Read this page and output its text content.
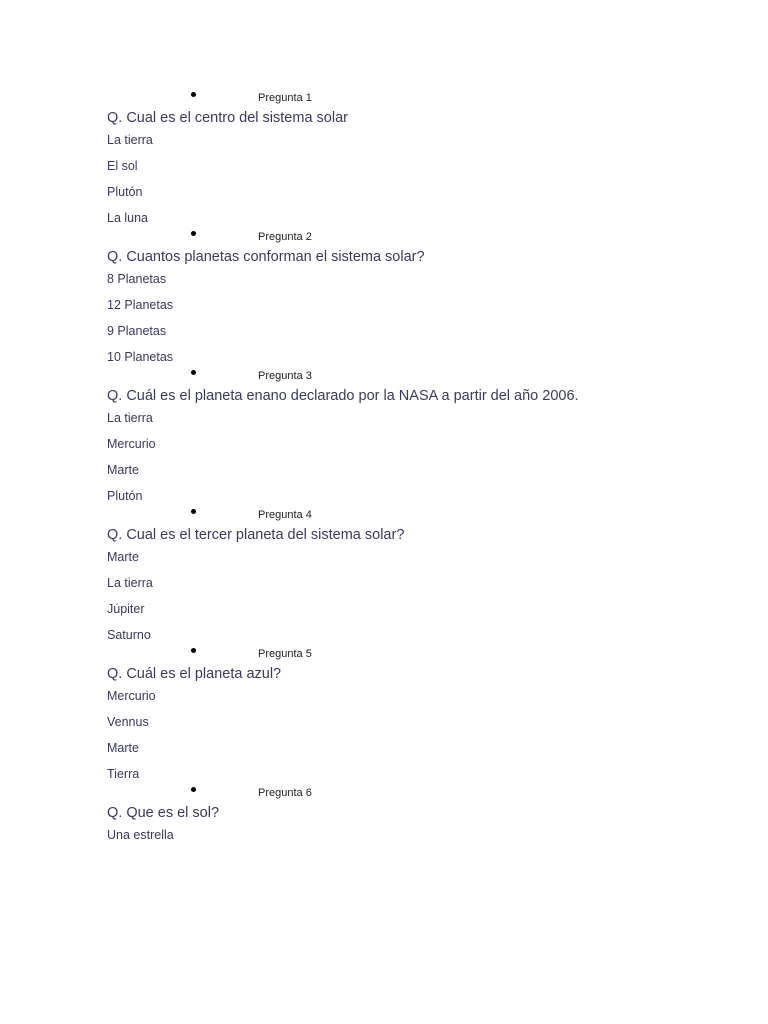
Pregunta 1
Q. Cual es el centro del sistema solar
La tierra
El sol
Plutón
La luna
Pregunta 2
Q. Cuantos planetas conforman el sistema solar?
8 Planetas
12 Planetas
9 Planetas
10 Planetas
Pregunta 3
Q. Cuál es el planeta enano declarado por la NASA a partir del año 2006.
La tierra
Mercurio
Marte
Plutón
Pregunta 4
Q. Cual es el tercer planeta del sistema solar?
Marte
La tierra
Júpiter
Saturno
Pregunta 5
Q. Cuál es el planeta azul?
Mercurio
Vennus
Marte
Tierra
Pregunta 6
Q. Que es el sol?
Una estrella
